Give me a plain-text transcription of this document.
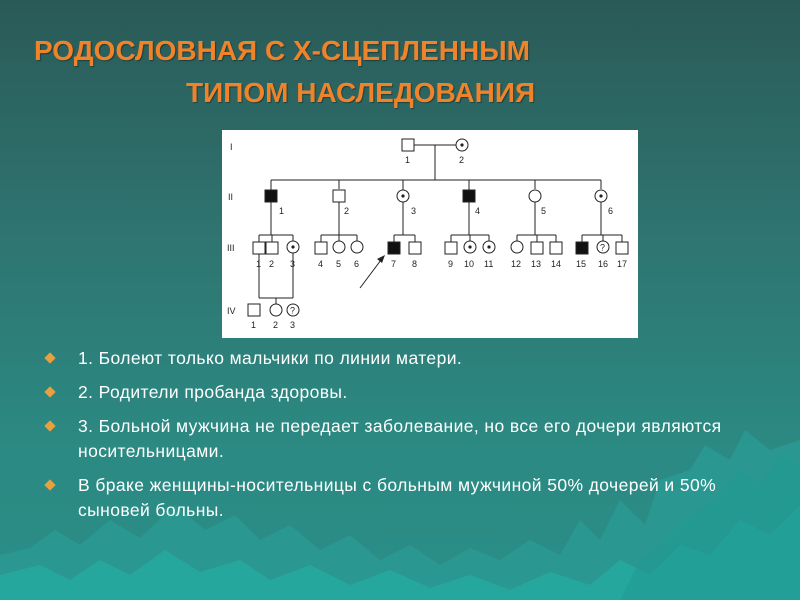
РОДОСЛОВНАЯ С Х-СЦЕПЛЕННЫМ
ТИПОМ НАСЛЕДОВАНИЯ
I
II
III
IV
1	2
1	2	3	4	5	6
?
1 2 3	4 5 6	7 8	9 10 11 12 13 14 15 16 17
?
1 2 3
1. Болеют только мальчики по линии матери.
2. Родители пробанда здоровы.
3. Больной мужчина не передает заболевание, но все его дочери являются носительницами.
В браке женщины-носительницы с больным мужчиной 50% дочерей и 50% сыновей больны.
